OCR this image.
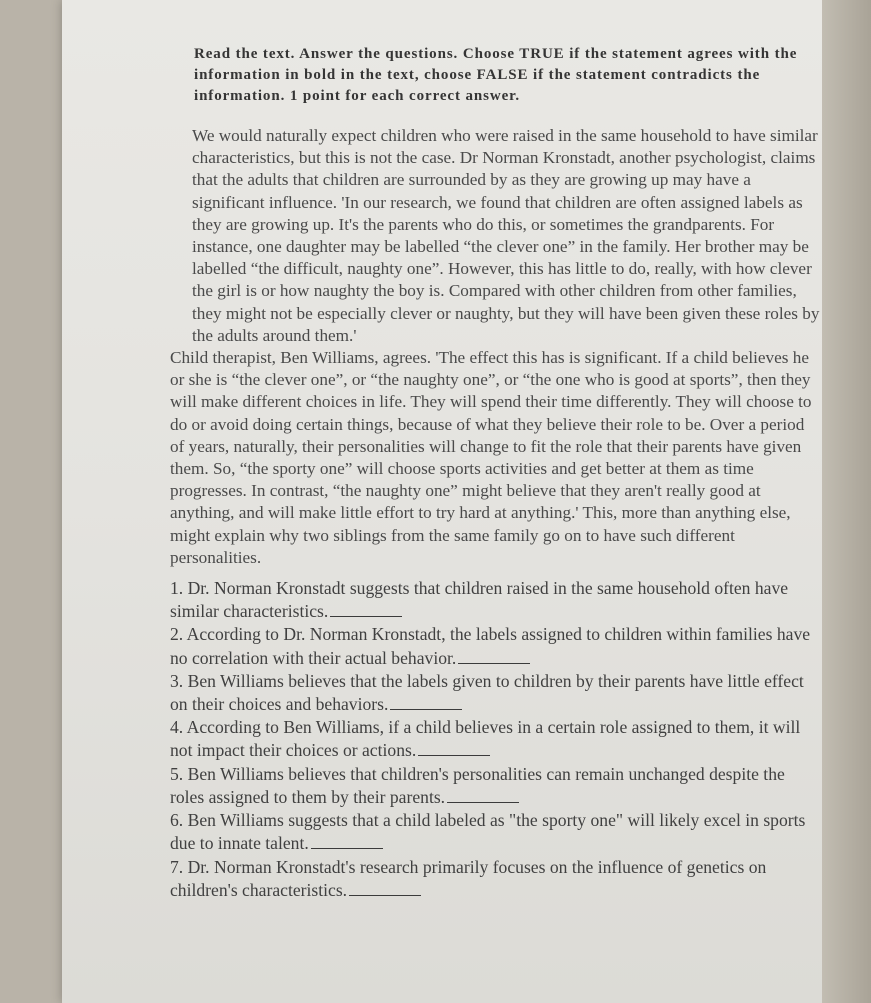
Read the text. Answer the questions. Choose TRUE if the statement agrees with the information in bold in the text, choose FALSE if the statement contradicts the information. 1 point for each correct answer.

We would naturally expect children who were raised in the same household to have similar characteristics, but this is not the case. Dr Norman Kronstadt, another psychologist, claims that the adults that children are surrounded by as they are growing up may have a significant influence. 'In our research, we found that children are often assigned labels as they are growing up. It's the parents who do this, or sometimes the grandparents. For instance, one daughter may be labelled “the clever one” in the family. Her brother may be labelled “the difficult, naughty one”. However, this has little to do, really, with how clever the girl is or how naughty the boy is. Compared with other children from other families, they might not be especially clever or naughty, but they will have been given these roles by the adults around them.'

Child therapist, Ben Williams, agrees. 'The effect this has is significant. If a child believes he or she is “the clever one”, or “the naughty one”, or “the one who is good at sports”, then they will make different choices in life. They will spend their time differently. They will choose to do or avoid doing certain things, because of what they believe their role to be. Over a period of years, naturally, their personalities will change to fit the role that their parents have given them. So, “the sporty one” will choose sports activities and get better at them as time progresses. In contrast, “the naughty one” might believe that they aren't really good at anything, and will make little effort to try hard at anything.' This, more than anything else, might explain why two siblings from the same family go on to have such different personalities.

1. Dr. Norman Kronstadt suggests that children raised in the same household often have similar characteristics.
2. According to Dr. Norman Kronstadt, the labels assigned to children within families have no correlation with their actual behavior.
3. Ben Williams believes that the labels given to children by their parents have little effect on their choices and behaviors.
4. According to Ben Williams, if a child believes in a certain role assigned to them, it will not impact their choices or actions.
5. Ben Williams believes that children's personalities can remain unchanged despite the roles assigned to them by their parents.
6. Ben Williams suggests that a child labeled as "the sporty one" will likely excel in sports due to innate talent.
7. Dr. Norman Kronstadt's research primarily focuses on the influence of genetics on children's characteristics.
